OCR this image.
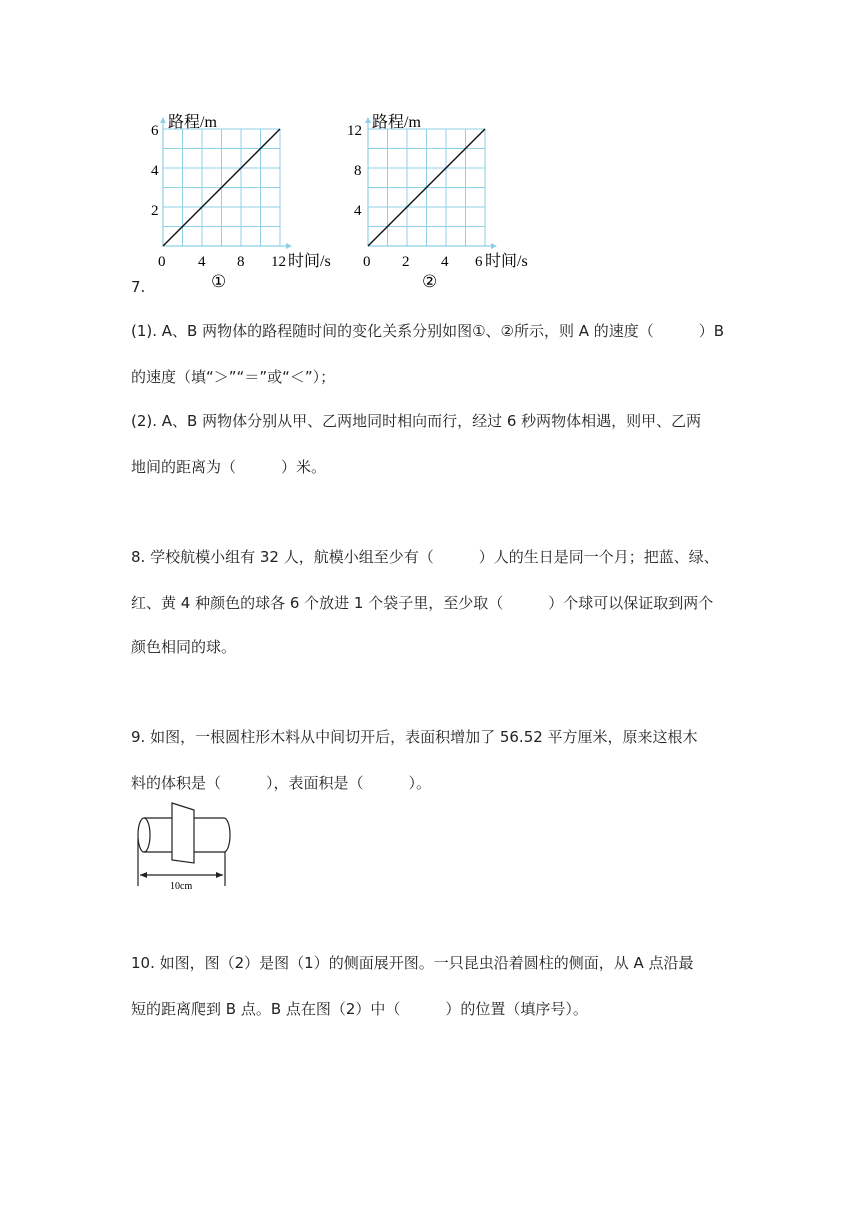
路程/m
时间/s
6
4
2
0 4 8 12
①
路程/m
时间/s
12
8
4
0 2 4 6
②
7.
(1). A、B 两物体的路程随时间的变化关系分别如图①、②所示，则 A 的速度（　　　）B
的速度（填“＞”“＝”或“＜”）；
(2). A、B 两物体分别从甲、乙两地同时相向而行，经过 6 秒两物体相遇，则甲、乙两
地间的距离为（　　　）米。
8. 学校航模小组有 32 人，航模小组至少有（　　　）人的生日是同一个月；把蓝、绿、
红、黄 4 种颜色的球各 6 个放进 1 个袋子里，至少取（　　　）个球可以保证取到两个
颜色相同的球。
9. 如图，一根圆柱形木料从中间切开后，表面积增加了 56.52 平方厘米，原来这根木
料的体积是（　　　），表面积是（　　　）。
10cm
10. 如图，图（2）是图（1）的侧面展开图。一只昆虫沿着圆柱的侧面，从 A 点沿最
短的距离爬到 B 点。B 点在图（2）中（　　　）的位置（填序号）。
